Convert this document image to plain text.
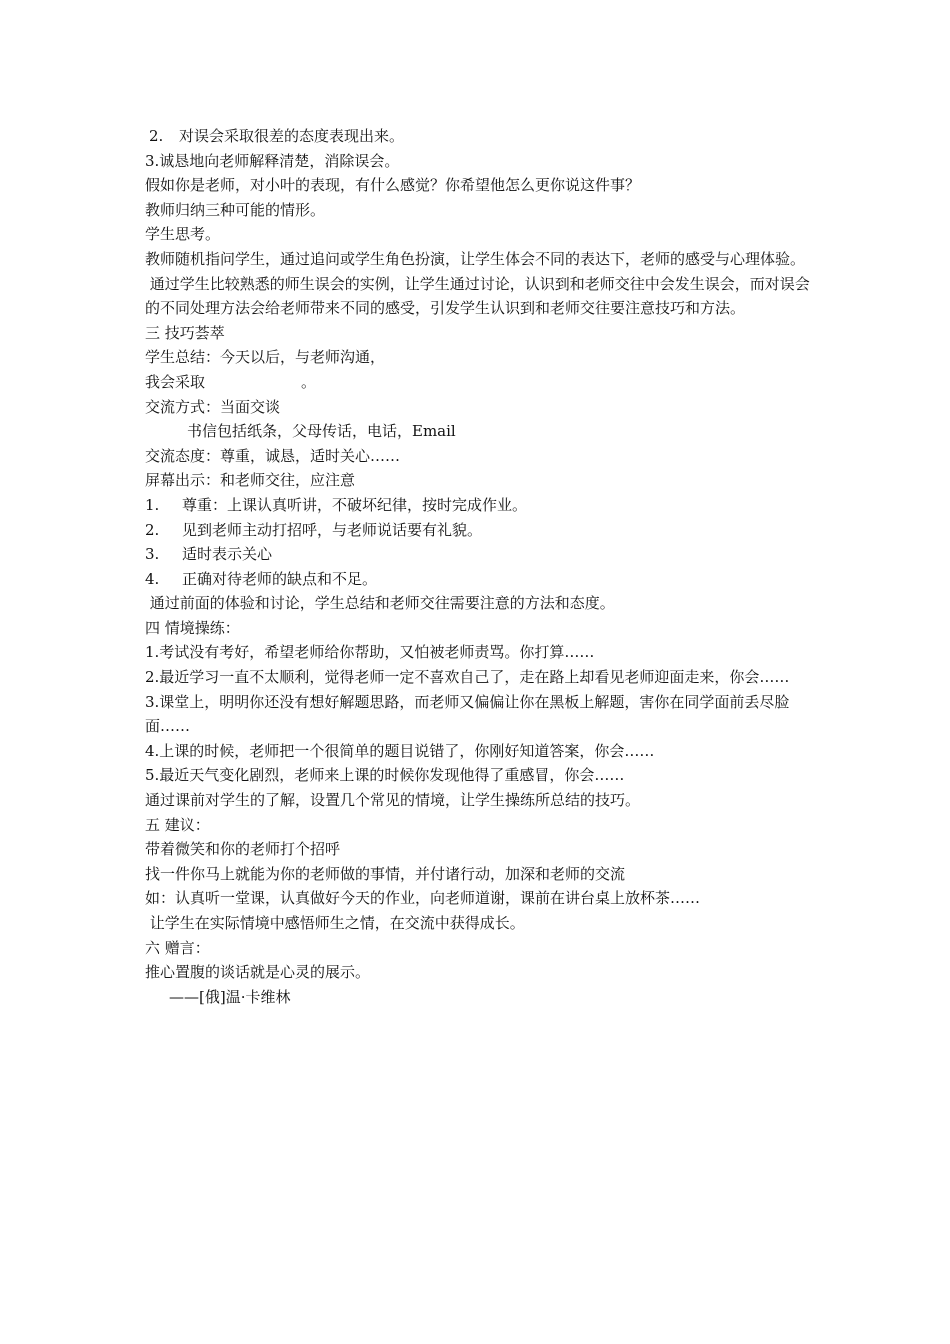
2. 对误会采取很差的态度表现出来。
3.诚恳地向老师解释清楚，消除误会。
假如你是老师，对小叶的表现，有什么感觉？你希望他怎么更你说这件事？
教师归纳三种可能的情形。
学生思考。
教师随机指问学生，通过追问或学生角色扮演，让学生体会不同的表达下，老师的感受与心理体验。
通过学生比较熟悉的师生误会的实例，让学生通过讨论，认识到和老师交往中会发生误会，而对误会的不同处理方法会给老师带来不同的感受，引发学生认识到和老师交往要注意技巧和方法。
三 技巧荟萃
学生总结：今天以后，与老师沟通，
我会采取	。
交流方式：当面交谈
书信包括纸条，父母传话，电话，Email
交流态度：尊重，诚恳，适时关心……
屏幕出示：和老师交往，应注意
1. 尊重：上课认真听讲，不破坏纪律，按时完成作业。
2. 见到老师主动打招呼，与老师说话要有礼貌。
3. 适时表示关心
4. 正确对待老师的缺点和不足。
通过前面的体验和讨论，学生总结和老师交往需要注意的方法和态度。
四 情境操练：
1.考试没有考好，希望老师给你帮助，又怕被老师责骂。你打算……
2.最近学习一直不太顺利，觉得老师一定不喜欢自己了，走在路上却看见老师迎面走来，你会……
3.课堂上，明明你还没有想好解题思路，而老师又偏偏让你在黑板上解题，害你在同学面前丢尽脸面……
4.上课的时候，老师把一个很简单的题目说错了，你刚好知道答案，你会……
5.最近天气变化剧烈，老师来上课的时候你发现他得了重感冒，你会……
通过课前对学生的了解，设置几个常见的情境，让学生操练所总结的技巧。
五 建议：
带着微笑和你的老师打个招呼
找一件你马上就能为你的老师做的事情，并付诸行动，加深和老师的交流
如：认真听一堂课，认真做好今天的作业，向老师道谢，课前在讲台桌上放杯茶……
让学生在实际情境中感悟师生之情，在交流中获得成长。
六 赠言：
推心置腹的谈话就是心灵的展示。
——[俄]温·卡维林
